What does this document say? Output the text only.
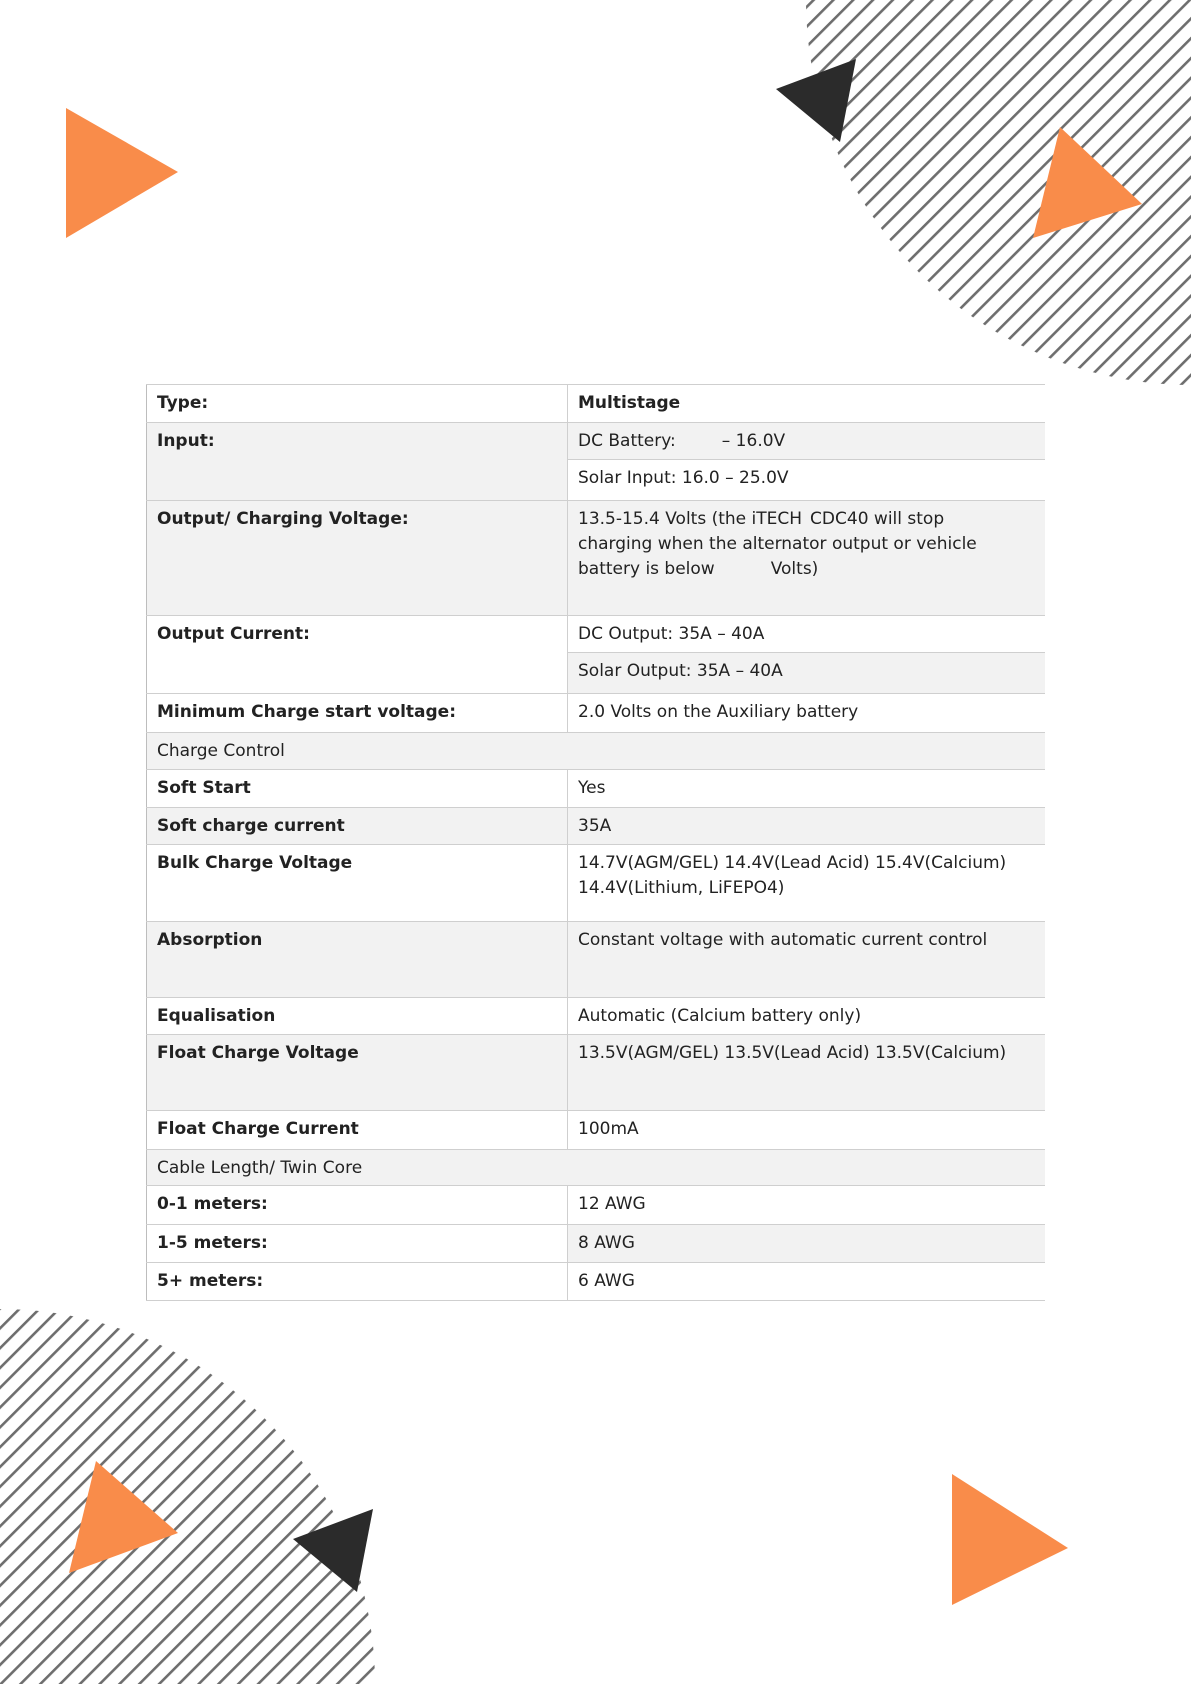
Type:	Multistage
Input:	DC Battery: – 16.0V
	Solar Input: 16.0 – 25.0V
Output/ Charging Voltage:	13.5-15.4 Volts (the iTECH CDC40 will stop
charging when the alternator output or vehicle
battery is below Volts)
Output Current:	DC Output: 35A – 40A
	Solar Output: 35A – 40A
Minimum Charge start voltage:	2.0 Volts on the Auxiliary battery
Charge Control	
Soft Start	Yes
Soft charge current	35A
Bulk Charge Voltage	14.7V(AGM/GEL) 14.4V(Lead Acid) 15.4V(Calcium)
14.4V(Lithium, LiFEPO4)
Absorption	Constant voltage with automatic current control
Equalisation	Automatic (Calcium battery only)
Float Charge Voltage	13.5V(AGM/GEL) 13.5V(Lead Acid) 13.5V(Calcium)
Float Charge Current	100mA
Cable Length/ Twin Core	
0-1 meters:	12 AWG
1-5 meters:	8 AWG
5+ meters:	6 AWG
